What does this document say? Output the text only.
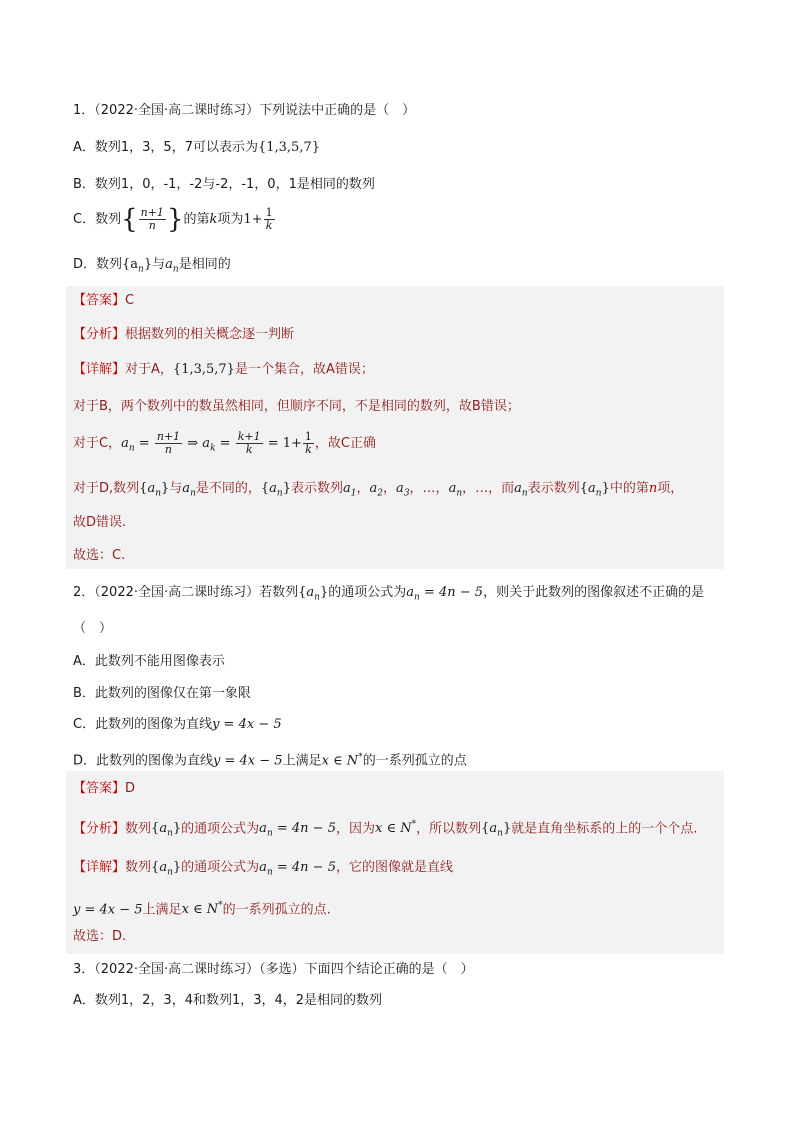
1．（2022·全国·高二课时练习）下列说法中正确的是（　）
A．数列1，3，5，7可以表示为{1,3,5,7}
B．数列1，0，-1，-2与-2，-1，0，1是相同的数列
C．数列{ $\frac{n+1}{n}$ }的第k项为$1+ \frac{1}{k}$
D．数列$\{a_n\}$与$a_n$是相同的
【答案】C
【分析】根据数列的相关概念逐一判断
【详解】对于A，{1,3,5,7}是一个集合，故A错误；
对于B，两个数列中的数虽然相同，但顺序不同，不是相同的数列，故B错误；
对于C，$a_n = \frac{n+1}{n}$ ⇒ $a_k = \frac{k+1}{k} = 1+ \frac{1}{k}$ ，故C正确
对于D,数列$\{a_n\}$与$a_n$是不同的，$\{a_n\}$表示数列$a_1$，$a_2$，$a_3$，…，$a_n$，…，而$a_n$表示数列$\{a_n\}$中的第n项，
故D错误.
故选：C.
2．（2022·全国·高二课时练习）若数列$\{a_n\}$的通项公式为$a_n = 4n - 5$，则关于此数列的图像叙述不正确的是
（　）
A．此数列不能用图像表示
B．此数列的图像仅在第一象限
C．此数列的图像为直线y = 4x − 5
D．此数列的图像为直线y = 4x − 5上满足x ∈ N*的一系列孤立的点
【答案】D
【分析】数列$\{a_n\}$的通项公式为$a_n = 4n - 5$，因为x ∈ N*，所以数列$\{a_n\}$就是直角坐标系的上的一个个点.
【详解】数列$\{a_n\}$的通项公式为$a_n = 4n - 5$，它的图像就是直线
y = 4x − 5上满足x ∈ N*的一系列孤立的点.
故选：D.
3．（2022·全国·高二课时练习）（多选）下面四个结论正确的是（　）
A．数列1，2，3，4和数列1，3，4，2是相同的数列
